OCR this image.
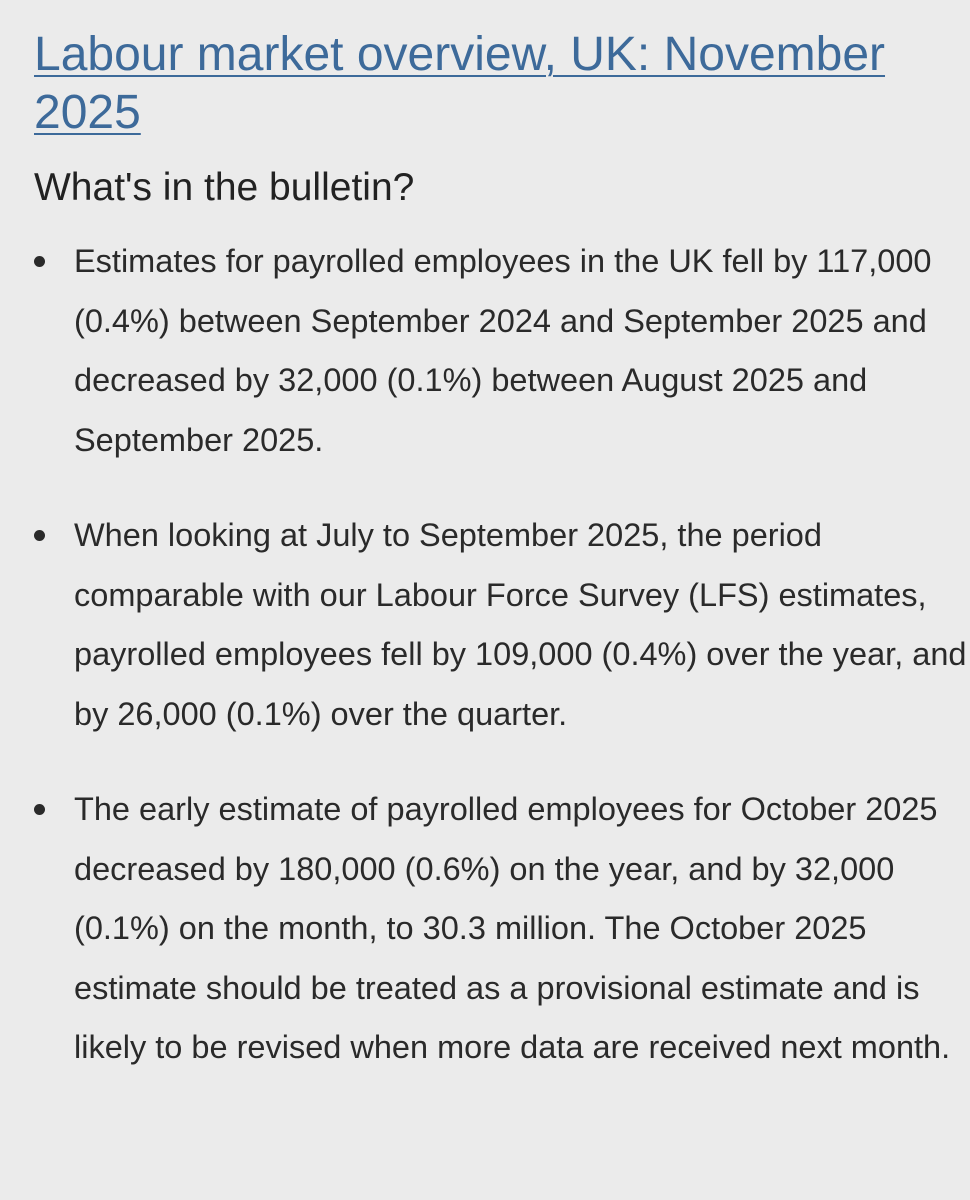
Labour market overview, UK: November 2025
What's in the bulletin?
Estimates for payrolled employees in the UK fell by 117,000 (0.4%) between September 2024 and September 2025 and decreased by 32,000 (0.1%) between August 2025 and September 2025.
When looking at July to September 2025, the period comparable with our Labour Force Survey (LFS) estimates, payrolled employees fell by 109,000 (0.4%) over the year, and by 26,000 (0.1%) over the quarter.
The early estimate of payrolled employees for October 2025 decreased by 180,000 (0.6%) on the year, and by 32,000 (0.1%) on the month, to 30.3 million. The October 2025 estimate should be treated as a provisional estimate and is likely to be revised when more data are received next month.
